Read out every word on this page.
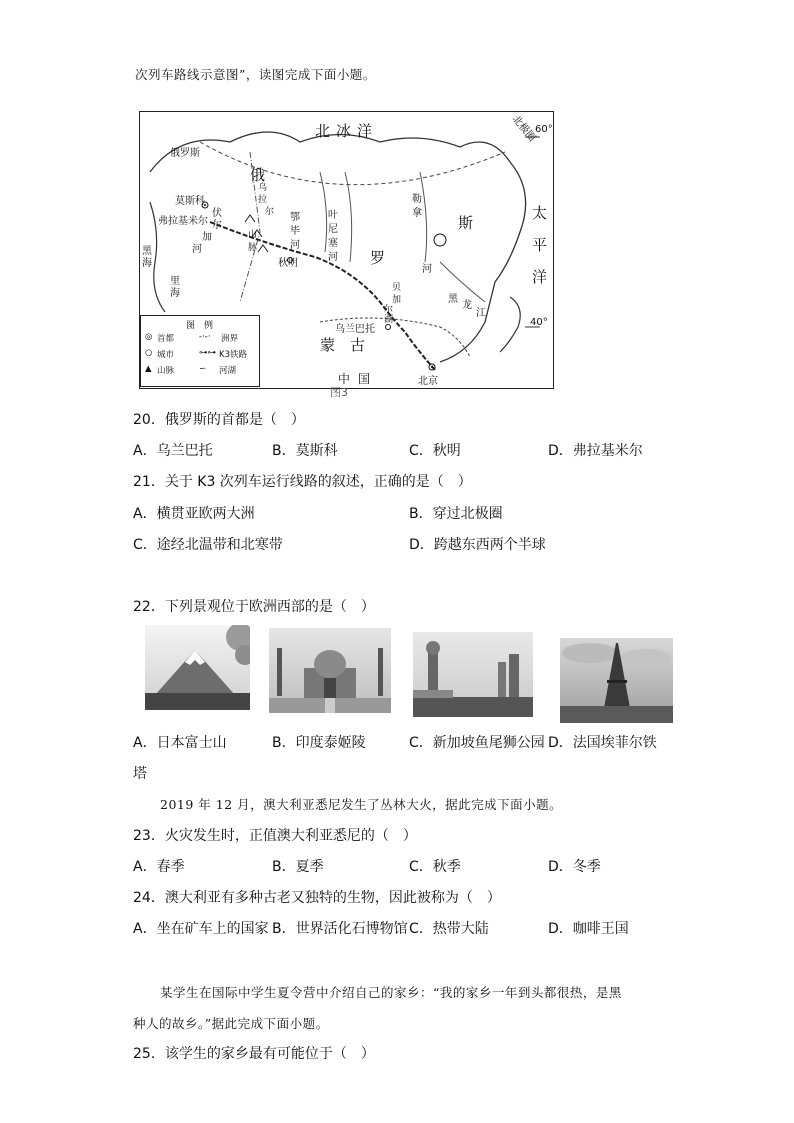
次列车路线示意图”，读图完成下面小题。
北冰洋	北极圈
60°
40°
太平洋
俄
罗
斯
蒙 古
中国
俄罗斯
莫斯科
弗拉基米尔
秋明
乌兰巴托
北京
伏
尔
加
河
黑
海
里
海
乌
拉
尔
山
脉
鄂
毕
河
叶
尼
塞
河
勒
拿
河
贝
加
尔
湖
黑
龙
江
图　例
◎ 首都	-·-· 洲界
○ 城市	⊶⊶ K3铁路
▲ 山脉	∽ 河湖
图3
20．俄罗斯的首都是（　）
A．乌兰巴托	B．莫斯科	C．秋明	D．弗拉基米尔
21．关于 K3 次列车运行线路的叙述，正确的是（　）
A．横贯亚欧两大洲	B．穿过北极圈
C．途经北温带和北寒带	D．跨越东西两个半球
22．下列景观位于欧洲西部的是（　）
A．日本富士山	B．印度泰姬陵	C．新加坡鱼尾狮公园 D．法国埃菲尔铁
塔
2019 年 12 月，澳大利亚悉尼发生了丛林大火，据此完成下面小题。
23．火灾发生时，正值澳大利亚悉尼的（　）
A．春季	B．夏季	C．秋季	D．冬季
24．澳大利亚有多种古老又独特的生物，因此被称为（　）
A．坐在矿车上的国家 B．世界活化石博物馆 C．热带大陆	D．咖啡王国
某学生在国际中学生夏令营中介绍自己的家乡：“我的家乡一年到头都很热，是黑
种人的故乡。”据此完成下面小题。
25．该学生的家乡最有可能位于（　）
